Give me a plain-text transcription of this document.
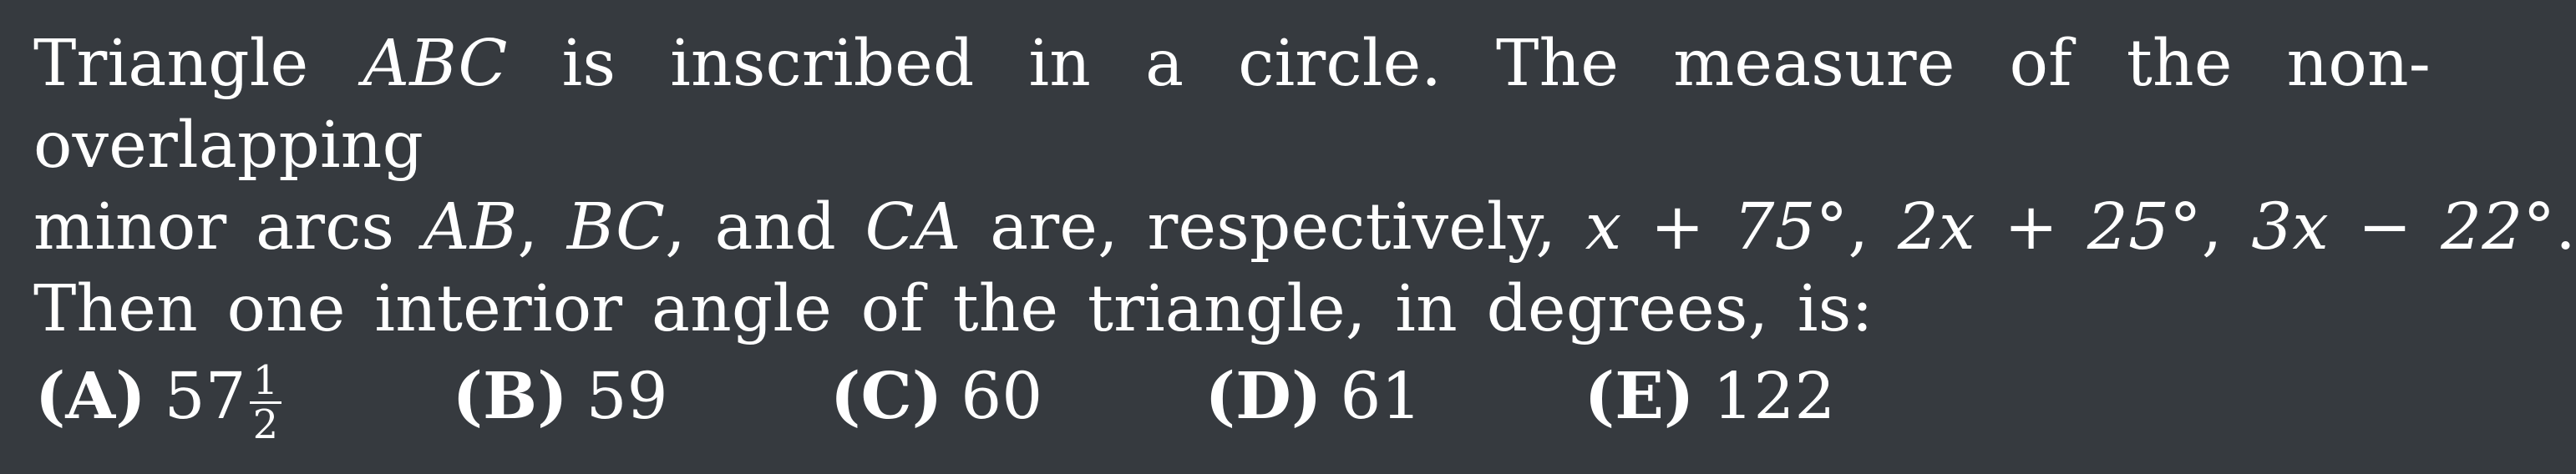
Triangle ABC is inscribed in a circle. The measure of the non-overlapping
minor arcs AB, BC, and CA are, respectively, x + 75°, 2x + 25°, 3x − 22°.
Then one interior angle of the triangle, in degrees, is:
(A) $57 \frac{1}{2}$	(B) 59	(C) 60	(D) 61	(E) 122
